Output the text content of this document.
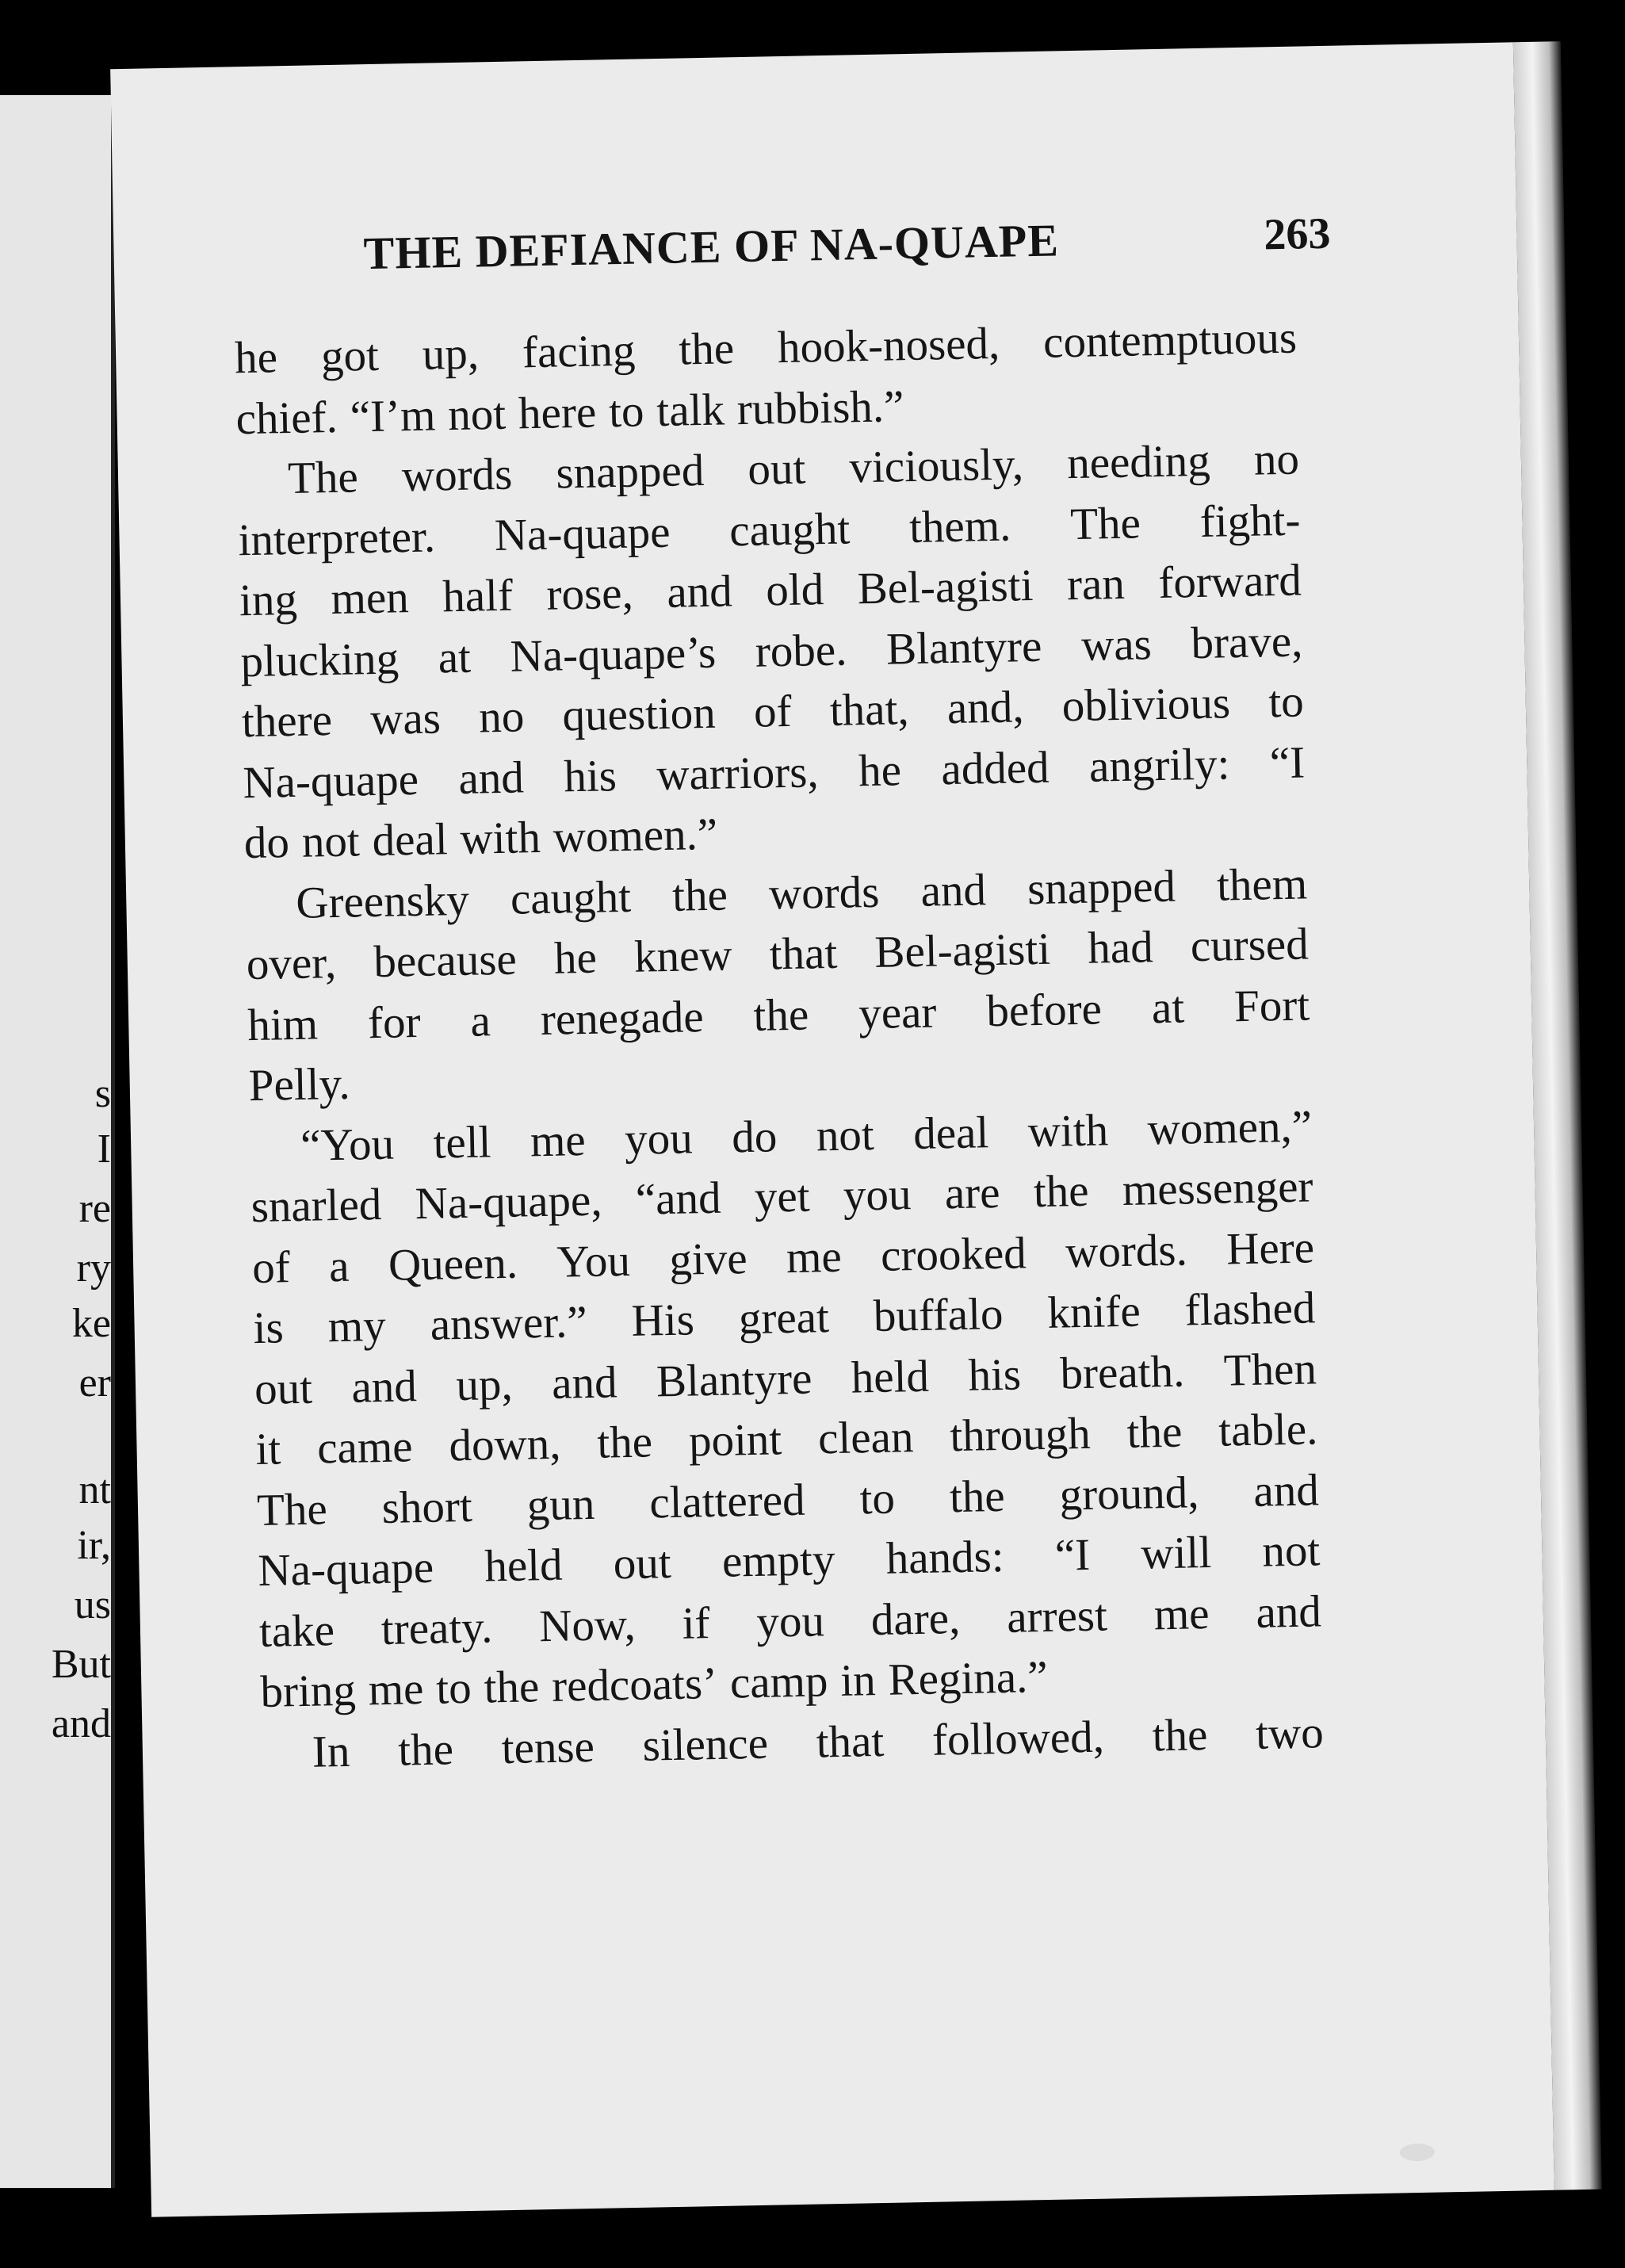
s
I
re
ry
ke
er
nt
ir,
us
But
and
THE DEFIANCE OF NA-QUAPE	263
he got up, facing the hook-nosed, contemptuous
chief. “I’m not here to talk rubbish.”
The words snapped out viciously, needing no
interpreter. Na-quape caught them. The fight-
ing men half rose, and old Bel-agisti ran forward
plucking at Na-quape’s robe. Blantyre was brave,
there was no question of that, and, oblivious to
Na-quape and his warriors, he added angrily: “I
do not deal with women.”
Greensky caught the words and snapped them
over, because he knew that Bel-agisti had cursed
him for a renegade the year before at Fort
Pelly.
“You tell me you do not deal with women,”
snarled Na-quape, “and yet you are the messenger
of a Queen. You give me crooked words. Here
is my answer.” His great buffalo knife flashed
out and up, and Blantyre held his breath. Then
it came down, the point clean through the table.
The short gun clattered to the ground, and
Na-quape held out empty hands: “I will not
take treaty. Now, if you dare, arrest me and
bring me to the redcoats’ camp in Regina.”
In the tense silence that followed, the two
